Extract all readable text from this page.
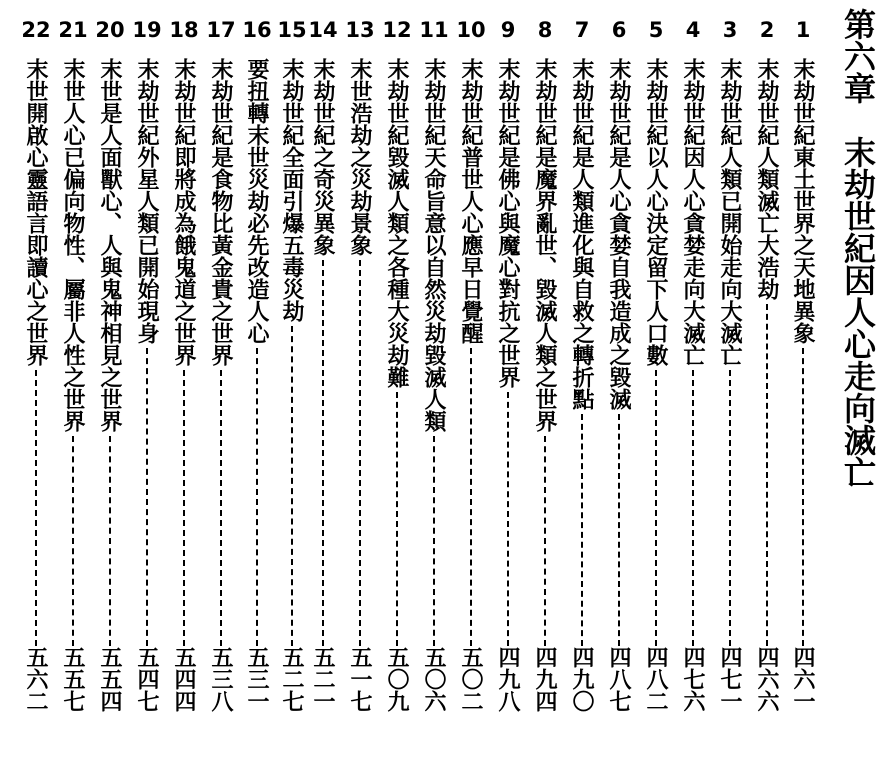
第六章　末劫世紀因人心走向滅亡
1
末劫世紀東土世界之天地異象
四六一
2
末劫世紀人類滅亡大浩劫
四六六
3
末劫世紀人類已開始走向大滅亡
四七一
4
末劫世紀因人心貪婪走向大滅亡
四七六
5
末劫世紀以人心決定留下人口數
四八二
6
末劫世紀是人心貪婪自我造成之毀滅
四八七
7
末劫世紀是人類進化與自救之轉折點
四九〇
8
末劫世紀是魔界亂世、毀滅人類之世界
四九四
9
末劫世紀是佛心與魔心對抗之世界
四九八
10
末劫世紀普世人心應早日覺醒
五〇二
11
末劫世紀天命旨意以自然災劫毀滅人類
五〇六
12
末劫世紀毀滅人類之各種大災劫難
五〇九
13
末世浩劫之災劫景象
五一七
14
末劫世紀之奇災異象
五二一
15
末劫世紀全面引爆五毒災劫
五二七
16
要扭轉末世災劫必先改造人心
五三一
17
末劫世紀是食物比黃金貴之世界
五三八
18
末劫世紀即將成為餓鬼道之世界
五四四
19
末劫世紀外星人類已開始現身
五四七
20
末世是人面獸心、人與鬼神相見之世界
五五四
21
末世人心已偏向物性、屬非人性之世界
五五七
22
末世開啟心靈語言即讀心之世界
五六二
